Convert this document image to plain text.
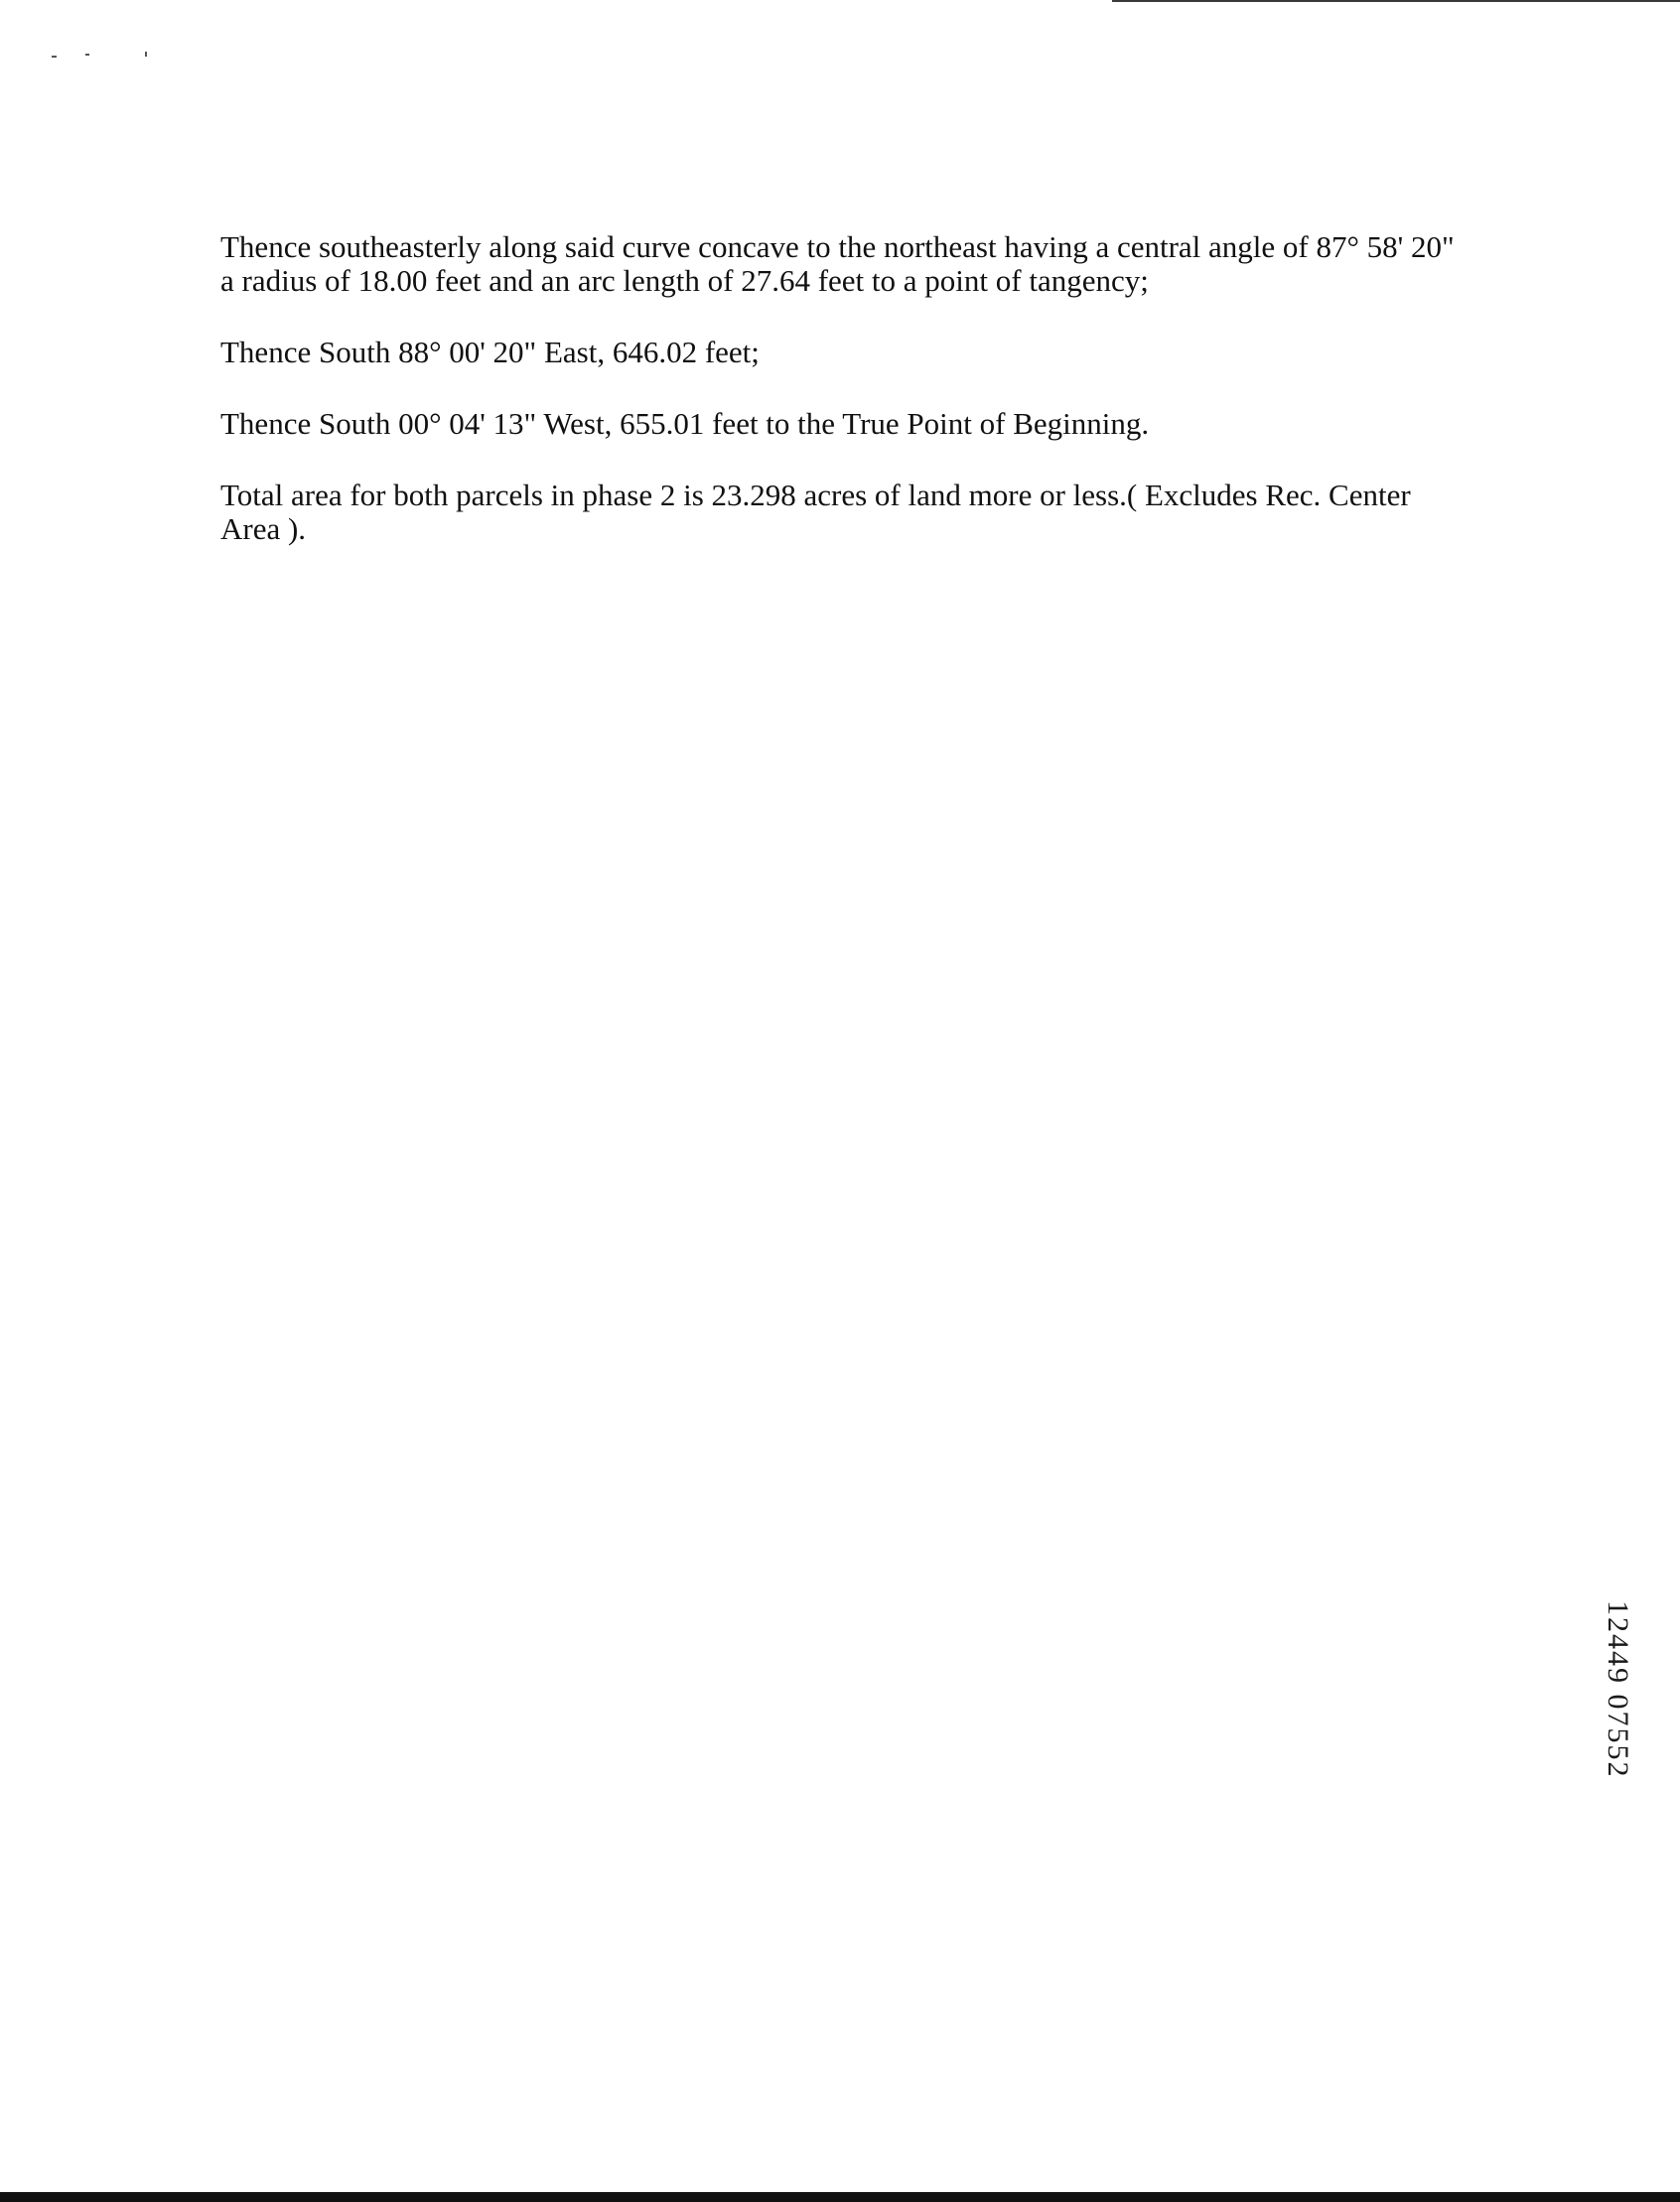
Thence southeasterly along said curve concave to the northeast having a central angle of 87° 58' 20"
a radius of 18.00 feet and an arc length of 27.64 feet to a point of tangency;

Thence South 88° 00' 20" East, 646.02 feet;

Thence South 00° 04' 13" West, 655.01 feet to the True Point of Beginning.

Total area for both parcels in phase 2 is 23.298 acres of land more or less.( Excludes Rec. Center
Area ).

12449 07552
